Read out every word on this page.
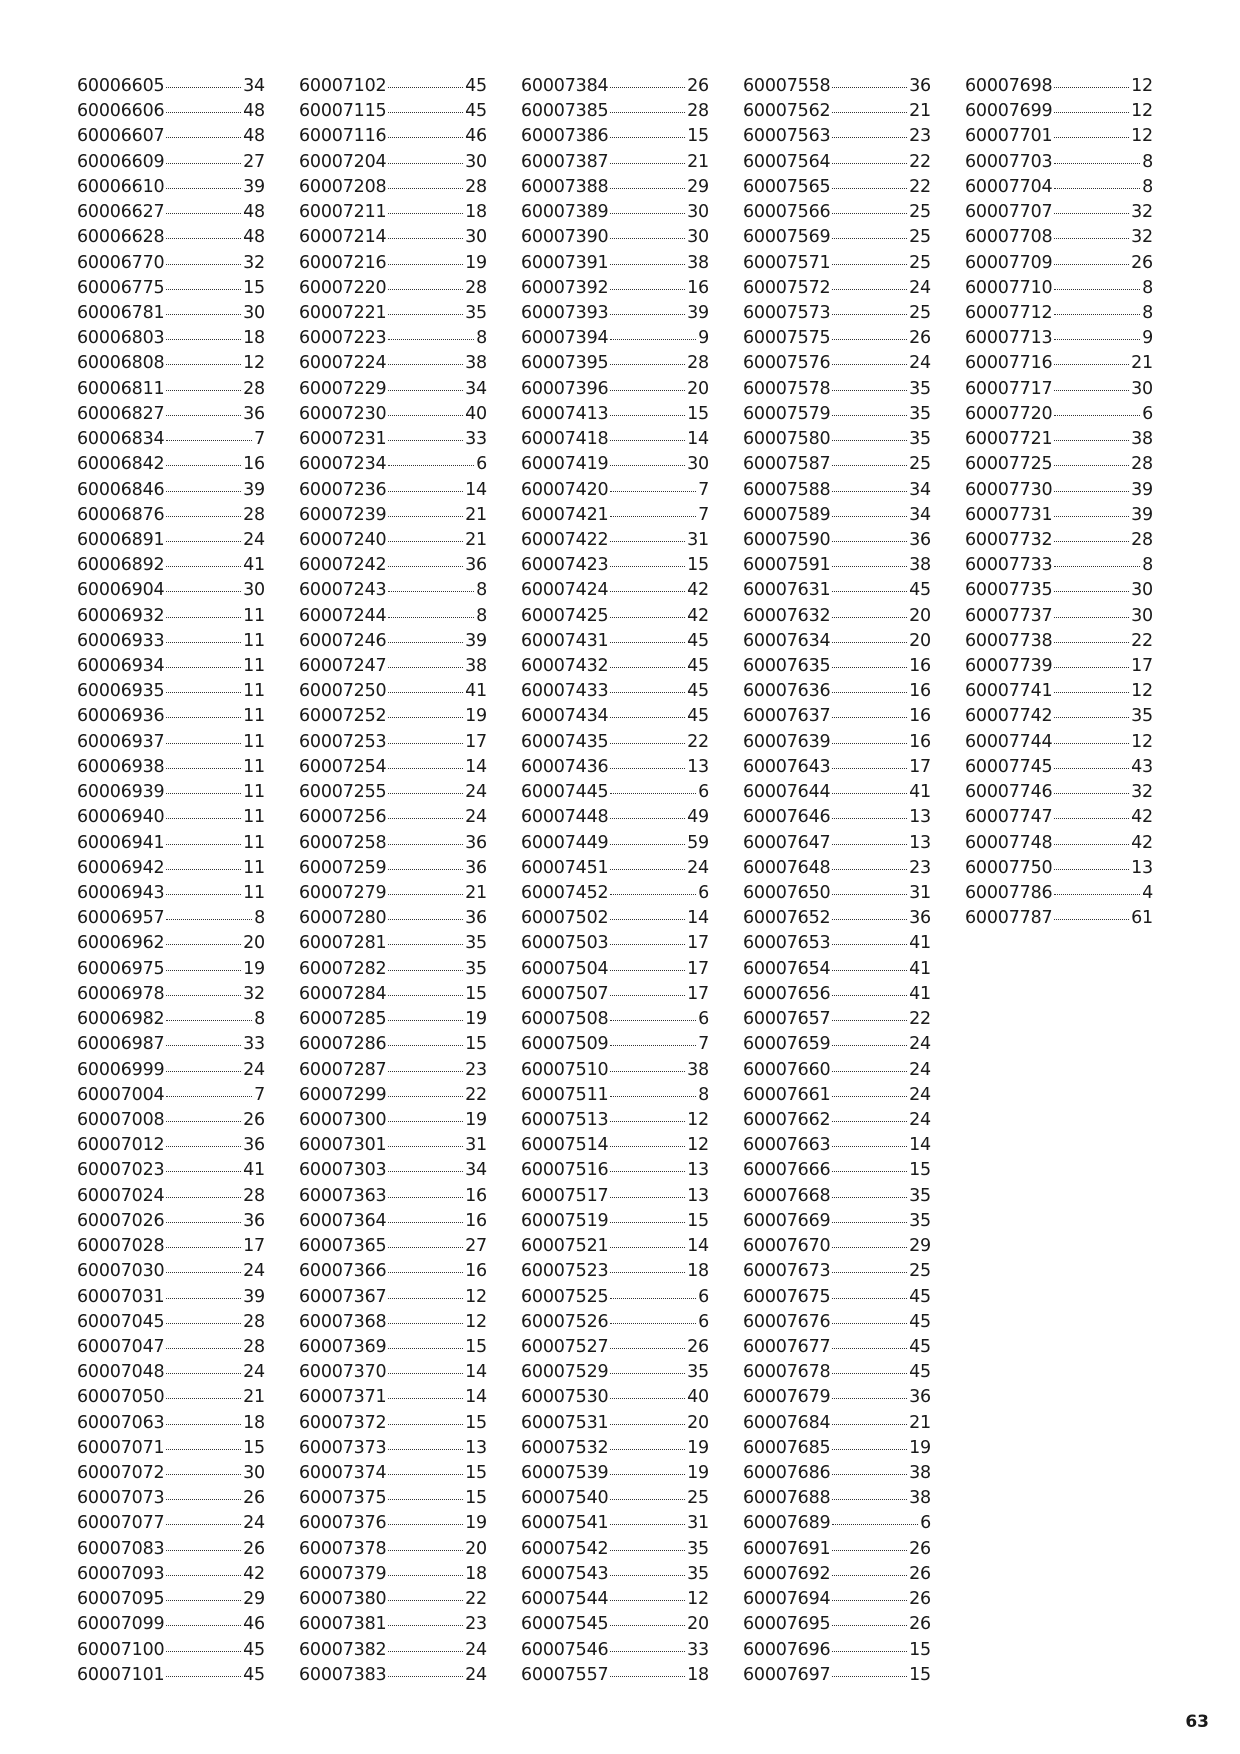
60006605	34
60006606	48
60006607	48
60006609	27
60006610	39
60006627	48
60006628	48
60006770	32
60006775	15
60006781	30
60006803	18
60006808	12
60006811	28
60006827	36
60006834	7
60006842	16
60006846	39
60006876	28
60006891	24
60006892	41
60006904	30
60006932	11
60006933	11
60006934	11
60006935	11
60006936	11
60006937	11
60006938	11
60006939	11
60006940	11
60006941	11
60006942	11
60006943	11
60006957	8
60006962	20
60006975	19
60006978	32
60006982	8
60006987	33
60006999	24
60007004	7
60007008	26
60007012	36
60007023	41
60007024	28
60007026	36
60007028	17
60007030	24
60007031	39
60007045	28
60007047	28
60007048	24
60007050	21
60007063	18
60007071	15
60007072	30
60007073	26
60007077	24
60007083	26
60007093	42
60007095	29
60007099	46
60007100	45
60007101	45
60007102	45
60007115	45
60007116	46
60007204	30
60007208	28
60007211	18
60007214	30
60007216	19
60007220	28
60007221	35
60007223	8
60007224	38
60007229	34
60007230	40
60007231	33
60007234	6
60007236	14
60007239	21
60007240	21
60007242	36
60007243	8
60007244	8
60007246	39
60007247	38
60007250	41
60007252	19
60007253	17
60007254	14
60007255	24
60007256	24
60007258	36
60007259	36
60007279	21
60007280	36
60007281	35
60007282	35
60007284	15
60007285	19
60007286	15
60007287	23
60007299	22
60007300	19
60007301	31
60007303	34
60007363	16
60007364	16
60007365	27
60007366	16
60007367	12
60007368	12
60007369	15
60007370	14
60007371	14
60007372	15
60007373	13
60007374	15
60007375	15
60007376	19
60007378	20
60007379	18
60007380	22
60007381	23
60007382	24
60007383	24
60007384	26
60007385	28
60007386	15
60007387	21
60007388	29
60007389	30
60007390	30
60007391	38
60007392	16
60007393	39
60007394	9
60007395	28
60007396	20
60007413	15
60007418	14
60007419	30
60007420	7
60007421	7
60007422	31
60007423	15
60007424	42
60007425	42
60007431	45
60007432	45
60007433	45
60007434	45
60007435	22
60007436	13
60007445	6
60007448	49
60007449	59
60007451	24
60007452	6
60007502	14
60007503	17
60007504	17
60007507	17
60007508	6
60007509	7
60007510	38
60007511	8
60007513	12
60007514	12
60007516	13
60007517	13
60007519	15
60007521	14
60007523	18
60007525	6
60007526	6
60007527	26
60007529	35
60007530	40
60007531	20
60007532	19
60007539	19
60007540	25
60007541	31
60007542	35
60007543	35
60007544	12
60007545	20
60007546	33
60007557	18
60007558	36
60007562	21
60007563	23
60007564	22
60007565	22
60007566	25
60007569	25
60007571	25
60007572	24
60007573	25
60007575	26
60007576	24
60007578	35
60007579	35
60007580	35
60007587	25
60007588	34
60007589	34
60007590	36
60007591	38
60007631	45
60007632	20
60007634	20
60007635	16
60007636	16
60007637	16
60007639	16
60007643	17
60007644	41
60007646	13
60007647	13
60007648	23
60007650	31
60007652	36
60007653	41
60007654	41
60007656	41
60007657	22
60007659	24
60007660	24
60007661	24
60007662	24
60007663	14
60007666	15
60007668	35
60007669	35
60007670	29
60007673	25
60007675	45
60007676	45
60007677	45
60007678	45
60007679	36
60007684	21
60007685	19
60007686	38
60007688	38
60007689	6
60007691	26
60007692	26
60007694	26
60007695	26
60007696	15
60007697	15
60007698	12
60007699	12
60007701	12
60007703	8
60007704	8
60007707	32
60007708	32
60007709	26
60007710	8
60007712	8
60007713	9
60007716	21
60007717	30
60007720	6
60007721	38
60007725	28
60007730	39
60007731	39
60007732	28
60007733	8
60007735	30
60007737	30
60007738	22
60007739	17
60007741	12
60007742	35
60007744	12
60007745	43
60007746	32
60007747	42
60007748	42
60007750	13
60007786	4
60007787	61
63
